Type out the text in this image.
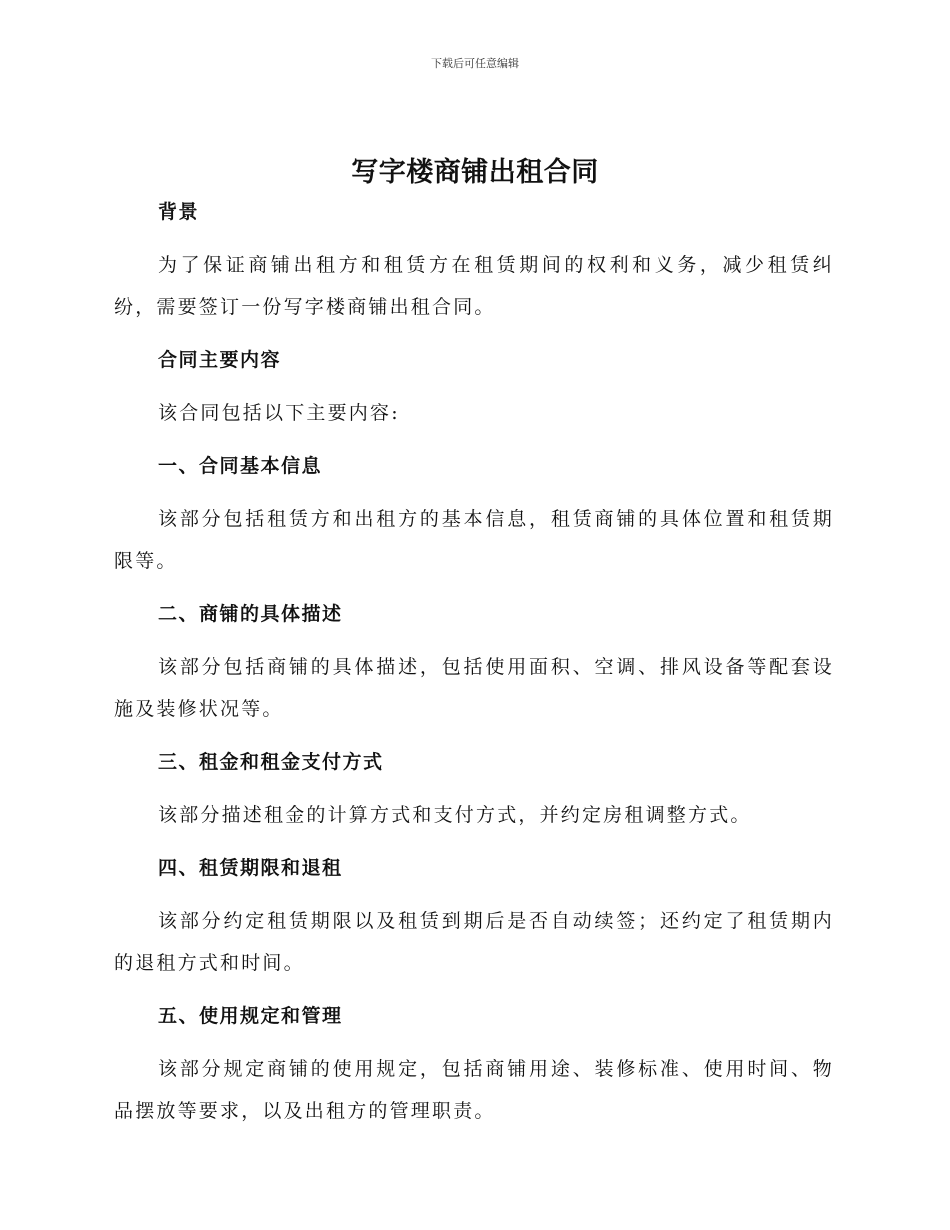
下载后可任意编辑
写字楼商铺出租合同
背景

为了保证商铺出租方和租赁方在租赁期间的权利和义务，减少租赁纠纷，需要签订一份写字楼商铺出租合同。

合同主要内容

该合同包括以下主要内容:

一、合同基本信息

该部分包括租赁方和出租方的基本信息，租赁商铺的具体位置和租赁期限等。

二、商铺的具体描述

该部分包括商铺的具体描述，包括使用面积、空调、排风设备等配套设施及装修状况等。

三、租金和租金支付方式

该部分描述租金的计算方式和支付方式，并约定房租调整方式。

四、租赁期限和退租

该部分约定租赁期限以及租赁到期后是否自动续签；还约定了租赁期内的退租方式和时间。

五、使用规定和管理

该部分规定商铺的使用规定，包括商铺用途、装修标准、使用时间、物品摆放等要求，以及出租方的管理职责。
